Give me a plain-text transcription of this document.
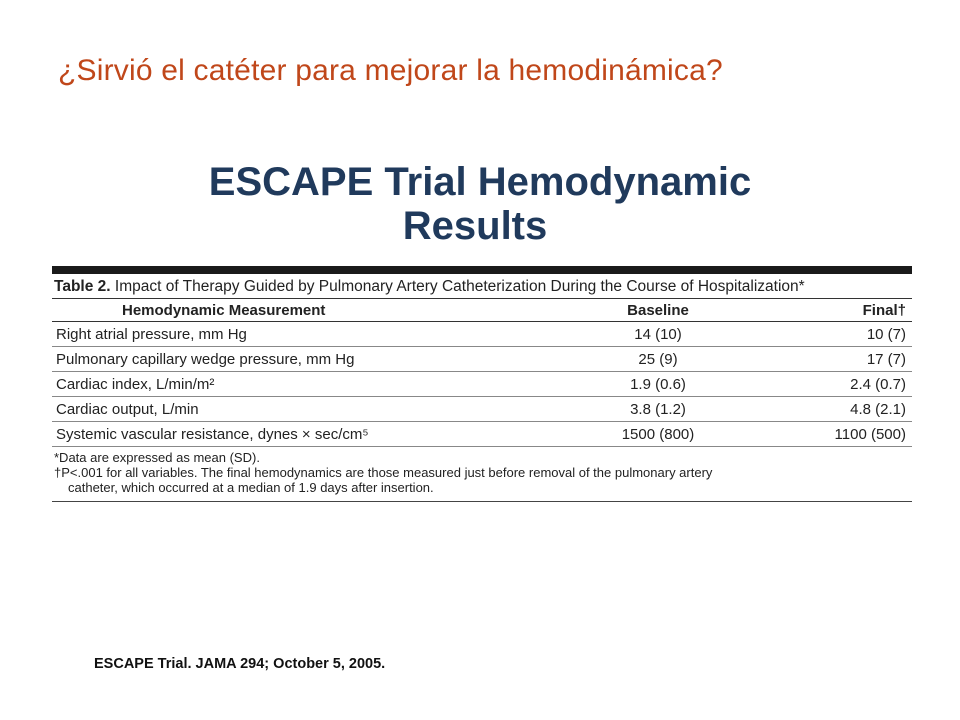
¿Sirvió el catéter para mejorar la hemodinámica?
ESCAPE Trial Hemodynamic
Results
Table 2. Impact of Therapy Guided by Pulmonary Artery Catheterization During the Course of Hospitalization*
Hemodynamic Measurement	Baseline	Final†
Right atrial pressure, mm Hg	14 (10)	10 (7)
Pulmonary capillary wedge pressure, mm Hg	25 (9)	17 (7)
Cardiac index, L/min/m²	1.9 (0.6)	2.4 (0.7)
Cardiac output, L/min	3.8 (1.2)	4.8 (2.1)
Systemic vascular resistance, dynes × sec/cm⁵	1500 (800)	1100 (500)
*Data are expressed as mean (SD).
†P<.001 for all variables. The final hemodynamics are those measured just before removal of the pulmonary artery
catheter, which occurred at a median of 1.9 days after insertion.
ESCAPE Trial. JAMA 294; October 5, 2005.
